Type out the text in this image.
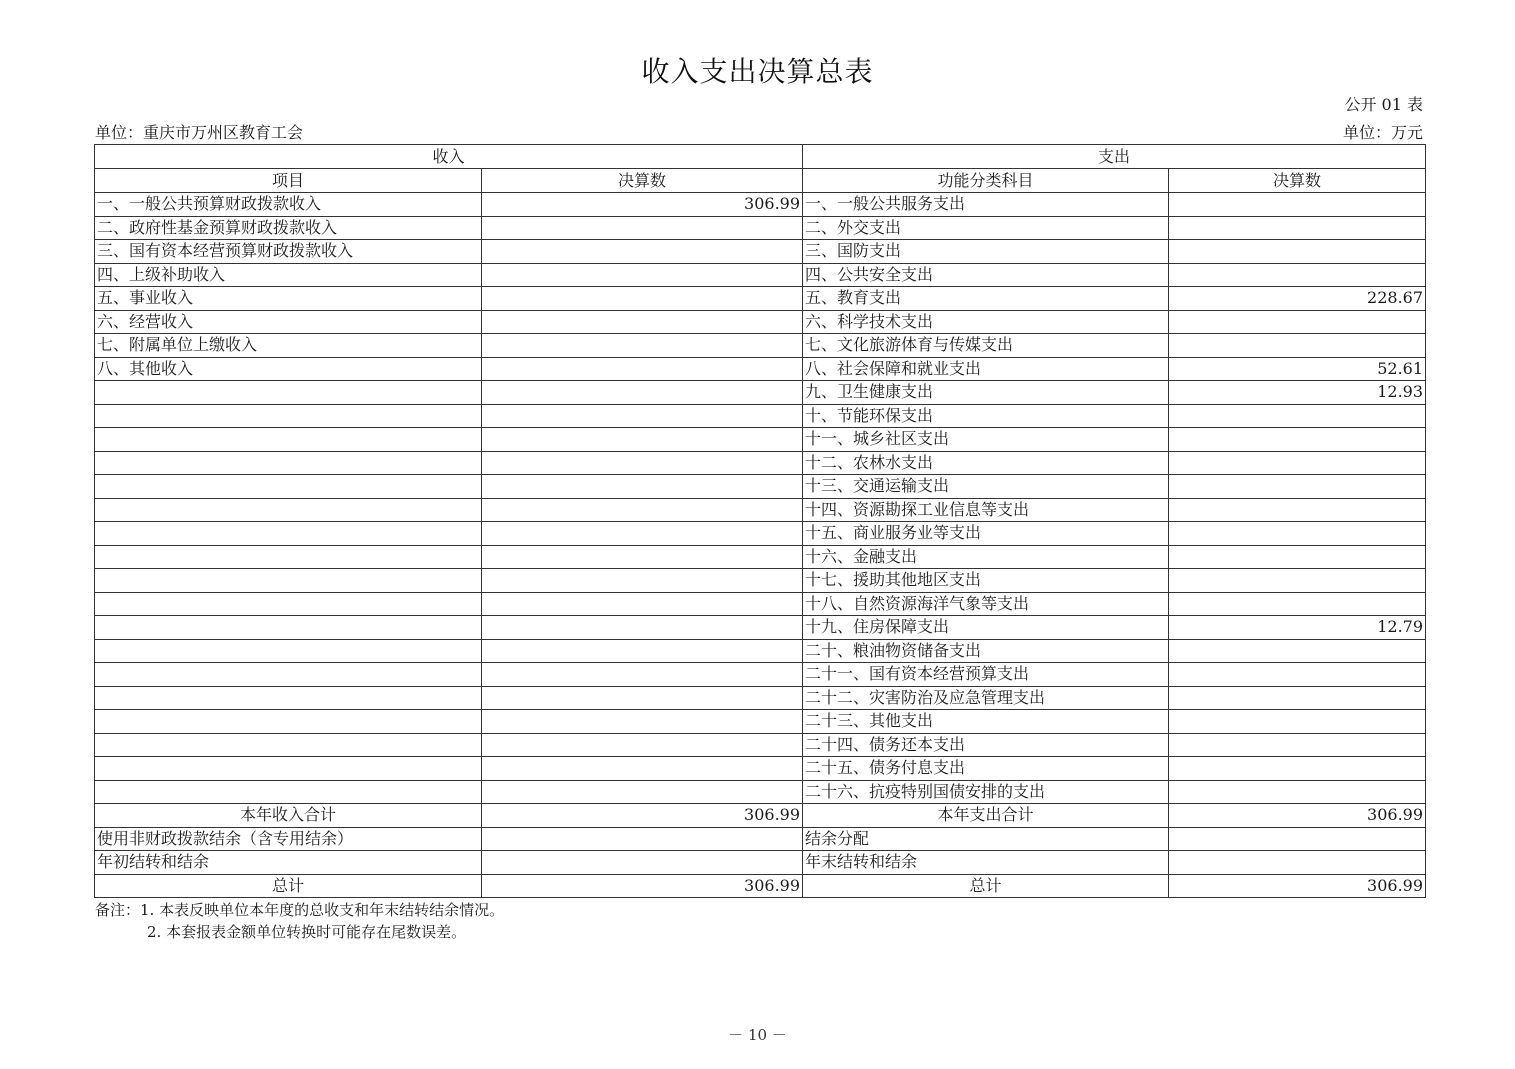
收入支出决算总表
公开 01 表
单位：重庆市万州区教育工会	单位：万元
收入		支出	
项目	决算数	功能分类科目	决算数
一、一般公共预算财政拨款收入	306.99	一、一般公共服务支出	
二、政府性基金预算财政拨款收入		二、外交支出	
三、国有资本经营预算财政拨款收入		三、国防支出	
四、上级补助收入		四、公共安全支出	
五、事业收入		五、教育支出	228.67
六、经营收入		六、科学技术支出	
七、附属单位上缴收入		七、文化旅游体育与传媒支出	
八、其他收入		八、社会保障和就业支出	52.61
		九、卫生健康支出	12.93
		十、节能环保支出	
		十一、城乡社区支出	
		十二、农林水支出	
		十三、交通运输支出	
		十四、资源勘探工业信息等支出	
		十五、商业服务业等支出	
		十六、金融支出	
		十七、援助其他地区支出	
		十八、自然资源海洋气象等支出	
		十九、住房保障支出	12.79
		二十、粮油物资储备支出	
		二十一、国有资本经营预算支出	
		二十二、灾害防治及应急管理支出	
		二十三、其他支出	
		二十四、债务还本支出	
		二十五、债务付息支出	
		二十六、抗疫特别国债安排的支出	
本年收入合计	306.99	本年支出合计	306.99
使用非财政拨款结余（含专用结余）		结余分配	
年初结转和结余		年末结转和结余	
总计	306.99	总计	306.99
备注：1. 本表反映单位本年度的总收支和年末结转结余情况。
2. 本套报表金额单位转换时可能存在尾数误差。
－ 10 －
